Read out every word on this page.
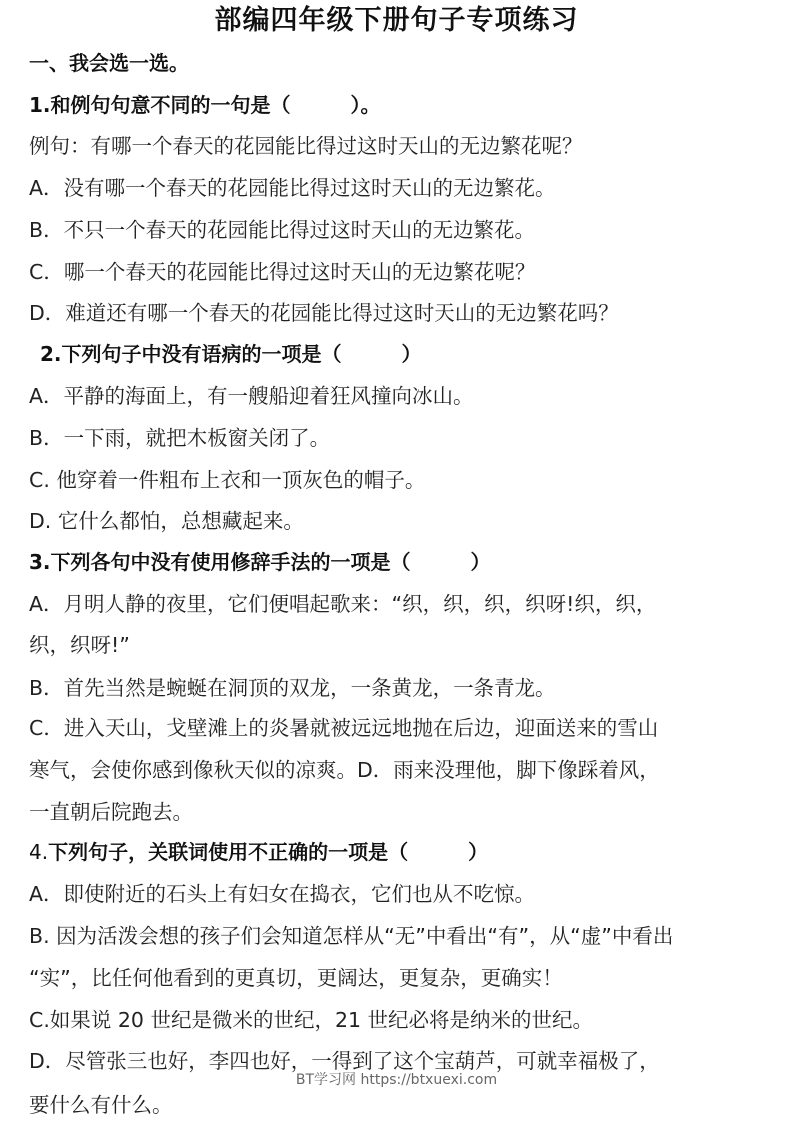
部编四年级下册句子专项练习
一、我会选一选。
1.和例句句意不同的一句是（　　　）。
例句：有哪一个春天的花园能比得过这时天山的无边繁花呢？
A．没有哪一个春天的花园能比得过这时天山的无边繁花。
B．不只一个春天的花园能比得过这时天山的无边繁花。
C．哪一个春天的花园能比得过这时天山的无边繁花呢？
D．难道还有哪一个春天的花园能比得过这时天山的无边繁花吗？
2.下列句子中没有语病的一项是（　　　）
A．平静的海面上，有一艘船迎着狂风撞向冰山。
B．一下雨，就把木板窗关闭了。
C. 他穿着一件粗布上衣和一顶灰色的帽子。
D. 它什么都怕，总想藏起来。
3.下列各句中没有使用修辞手法的一项是（　　　）
A．月明人静的夜里，它们便唱起歌来：“织，织，织，织呀!织，织，
织，织呀!”
B．首先当然是蜿蜒在洞顶的双龙，一条黄龙，一条青龙。
C．进入天山，戈壁滩上的炎暑就被远远地抛在后边，迎面送来的雪山
寒气，会使你感到像秋天似的凉爽。D．雨来没理他，脚下像踩着风，
一直朝后院跑去。
4.下列句子，关联词使用不正确的一项是（　　　）
A．即使附近的石头上有妇女在捣衣，它们也从不吃惊。
B. 因为活泼会想的孩子们会知道怎样从“无”中看出“有”，从“虚”中看出
“实”，比任何他看到的更真切，更阔达，更复杂，更确实！
C.如果说 20 世纪是微米的世纪，21 世纪必将是纳米的世纪。
D．尽管张三也好，李四也好，一得到了这个宝葫芦，可就幸福极了，
要什么有什么。
BT学习网 https://btxuexi.com
